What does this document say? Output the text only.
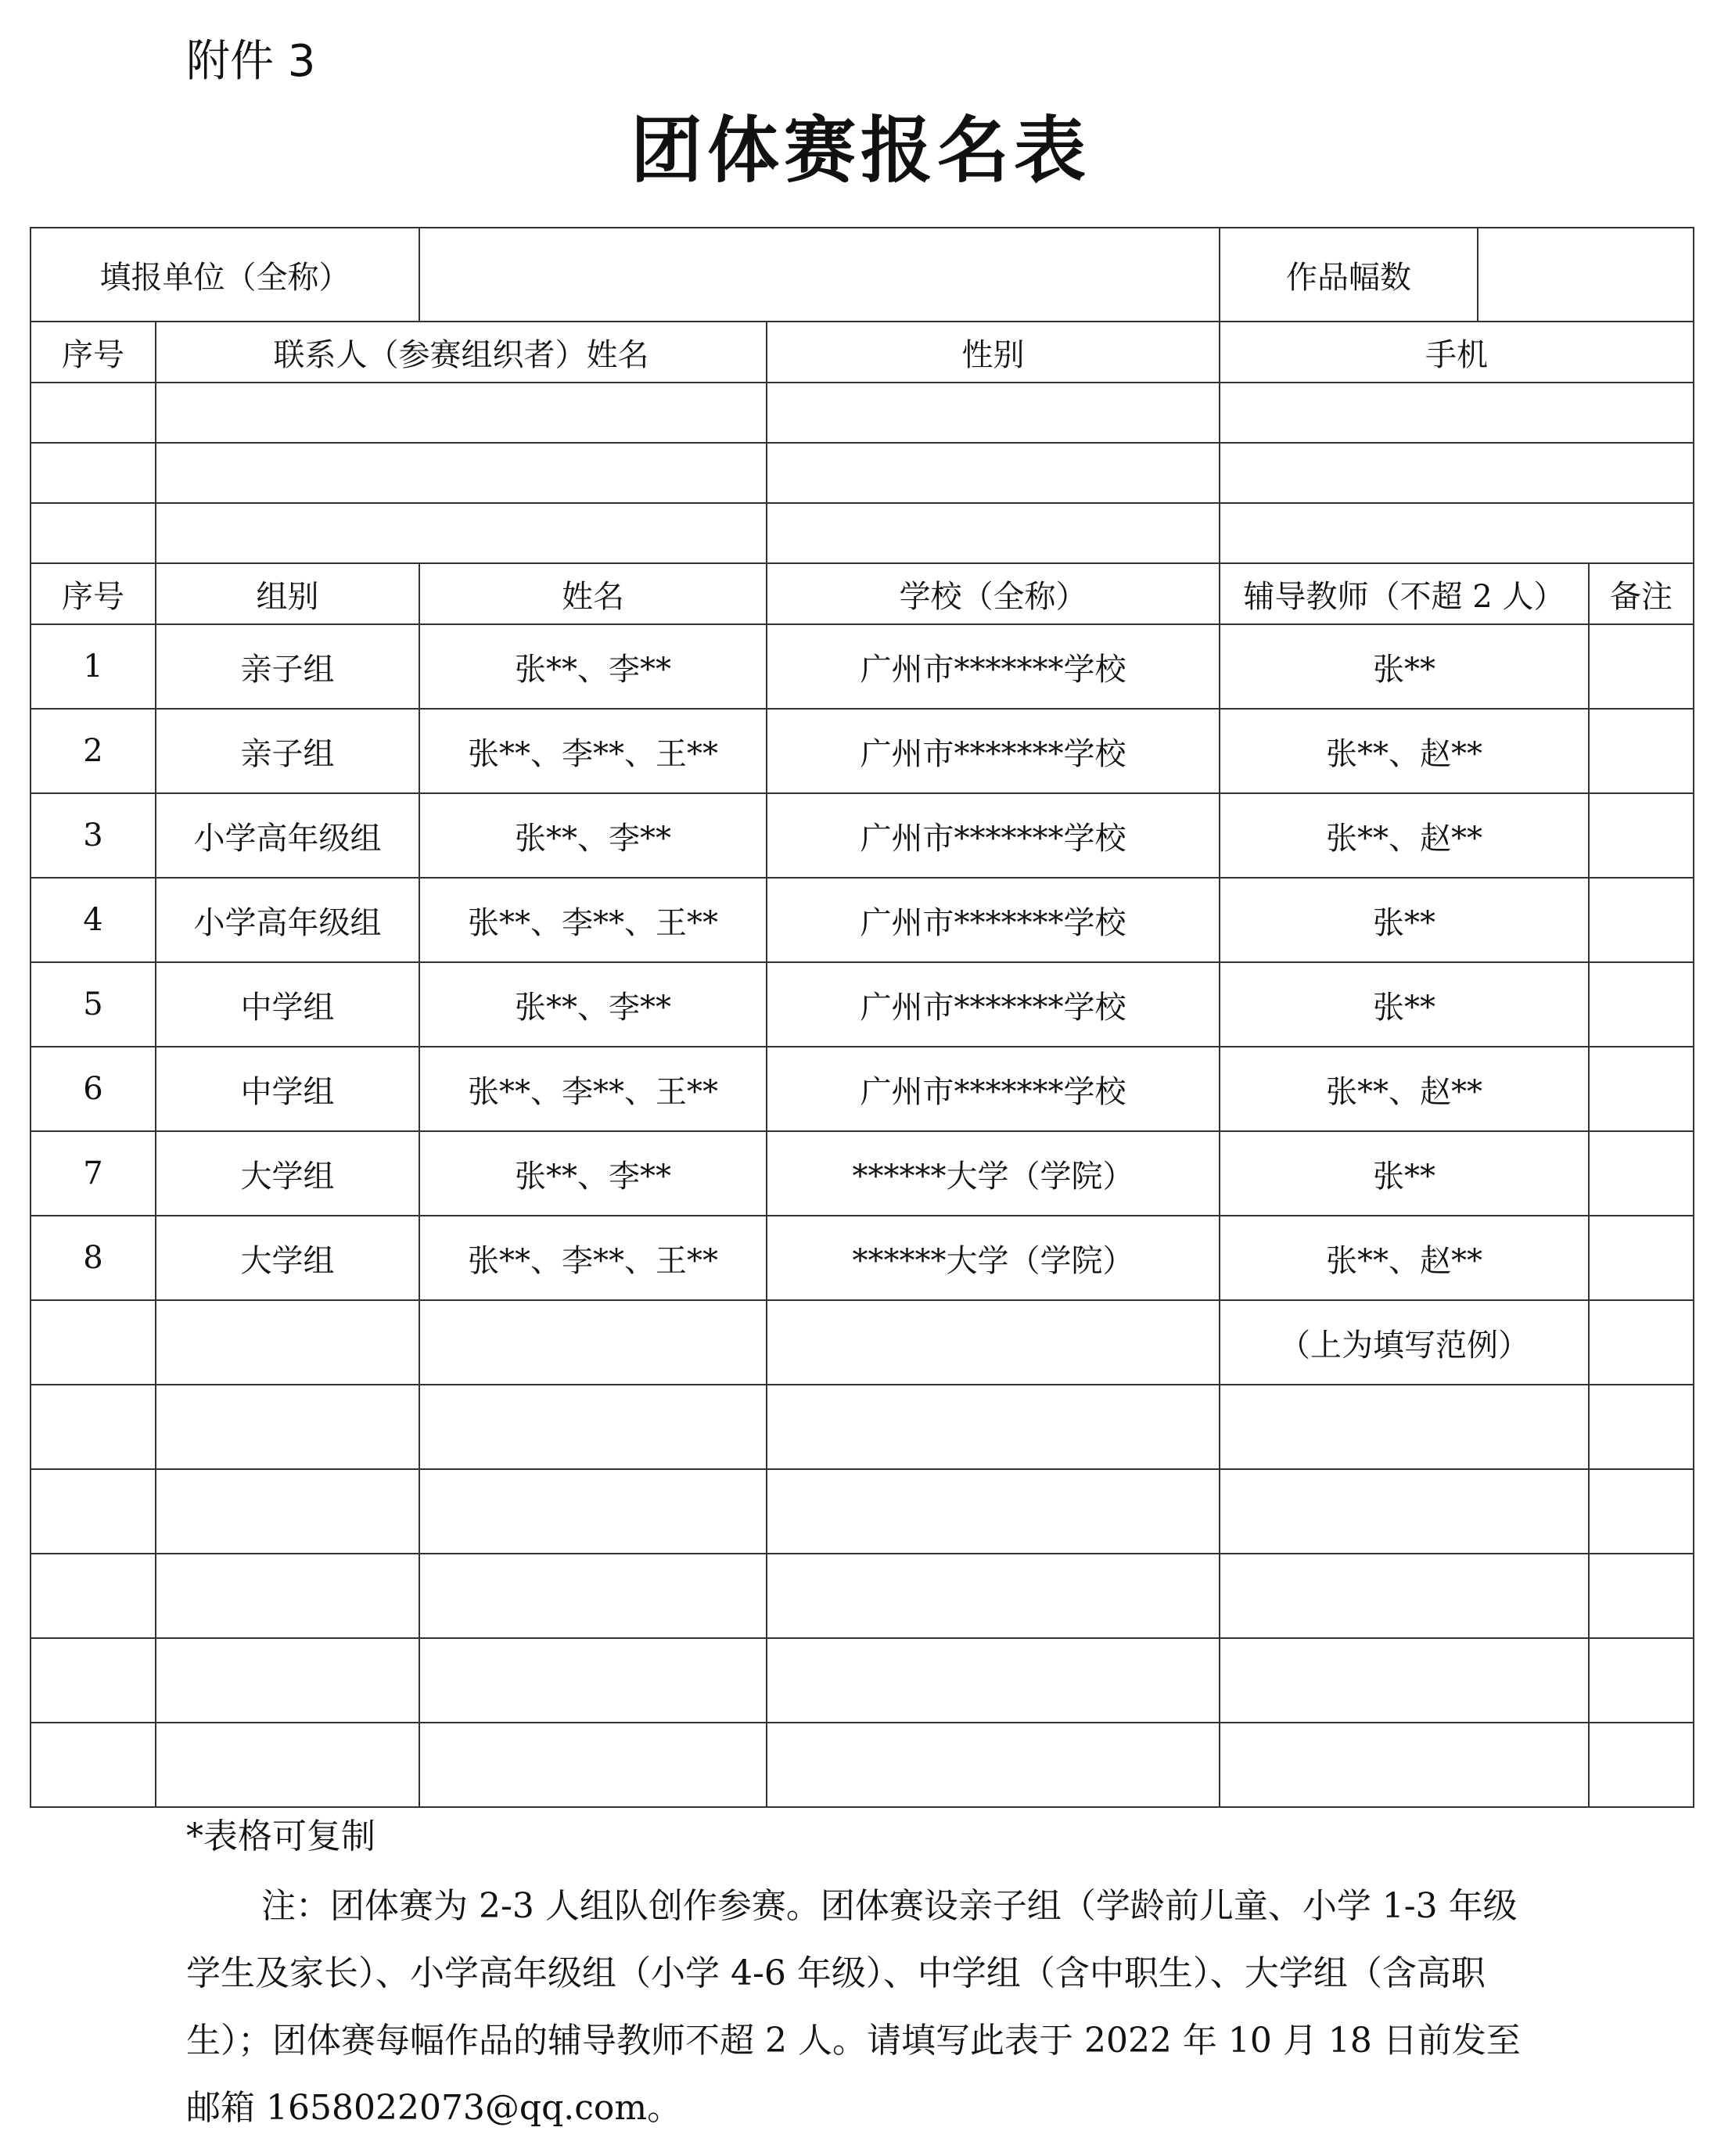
附件 3

团体赛报名表
填报单位（全称）				作品幅数		
序号	联系人（参赛组织者）姓名		性别	手机		

序号	组别	姓名	学校（全称）	辅导教师（不超 2 人）		备注
1	亲子组	张**、李**	广州市*******学校	张**		
2	亲子组	张**、李**、王**	广州市*******学校	张**、赵**		
3	小学高年级组	张**、李**	广州市*******学校	张**、赵**		
4	小学高年级组	张**、李**、王**	广州市*******学校	张**		
5	中学组	张**、李**	广州市*******学校	张**		
6	中学组	张**、李**、王**	广州市*******学校	张**、赵**		
7	大学组	张**、李**	******大学（学院）	张**		
8	大学组	张**、李**、王**	******大学（学院）	张**、赵**		
				（上为填写范例）		

*表格可复制

注：团体赛为 2-3 人组队创作参赛。团体赛设亲子组（学龄前儿童、小学 1-3 年级学生及家长）、小学高年级组（小学 4-6 年级）、中学组（含中职生）、大学组（含高职生）；团体赛每幅作品的辅导教师不超 2 人。请填写此表于 2022 年 10 月 18 日前发至邮箱 1658022073@qq.com。
